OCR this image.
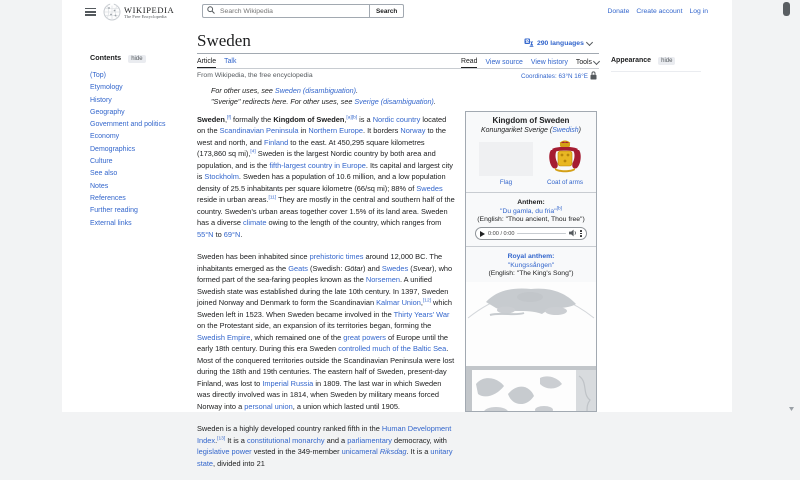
WIKIPEDIA
The Free Encyclopedia
Search Wikipedia
Search	Donate Create account Log in
Sweden	290 languages
Article Talk	Read View source View history Tools	Appearance hide
From Wikipedia, the free encyclopedia	Coordinates: 63°N 16°E
Contents hide
(Top)
Etymology
History
Geography
Government and politics
Economy
Demographics
Culture
See also
Notes
References
Further reading
External links
For other uses, see Sweden (disambiguation).
"Sverige" redirects here. For other uses, see Sverige (disambiguation).

Sweden,[f] formally the Kingdom of Sweden,[a][b] is a Nordic country located on the Scandinavian Peninsula in Northern Europe. It borders Norway to the west and north, and Finland to the east. At 450,295 square kilometres (173,860 sq mi),[4] Sweden is the largest Nordic country by both area and population, and is the fifth-largest country in Europe. Its capital and largest city is Stockholm. Sweden has a population of 10.6 million, and a low population density of 25.5 inhabitants per square kilometre (66/sq mi); 88% of Swedes reside in urban areas.[11] They are mostly in the central and southern half of the country. Sweden's urban areas together cover 1.5% of its land area. Sweden has a diverse climate owing to the length of the country, which ranges from 55°N to 69°N.

Sweden has been inhabited since prehistoric times around 12,000 BC. The inhabitants emerged as the Geats (Swedish: Götar) and Swedes (Svear), who formed part of the sea-faring peoples known as the Norsemen. A unified Swedish state was established during the late 10th century. In 1397, Sweden joined Norway and Denmark to form the Scandinavian Kalmar Union,[12] which Sweden left in 1523. When Sweden became involved in the Thirty Years' War on the Protestant side, an expansion of its territories began, forming the Swedish Empire, which remained one of the great powers of Europe until the early 18th century. During this era Sweden controlled much of the Baltic Sea. Most of the conquered territories outside the Scandinavian Peninsula were lost during the 18th and 19th centuries. The eastern half of Sweden, present-day Finland, was lost to Imperial Russia in 1809. The last war in which Sweden was directly involved was in 1814, when Sweden by military means forced Norway into a personal union, a union which lasted until 1905.

Sweden is a highly developed country ranked fifth in the Human Development Index.[13] It is a constitutional monarchy and a parliamentary democracy, with legislative power vested in the 349-member unicameral Riksdag. It is a unitary state, divided into 21

Kingdom of Sweden
Konungariket Sverige (Swedish)
Flag	Coat of arms
Anthem:
"Du gamla, du fria"[b]
(English: "Thou ancient, Thou free")
0:00 / 0:00
Royal anthem:
"Kungssången"
(English: "The King's Song")
